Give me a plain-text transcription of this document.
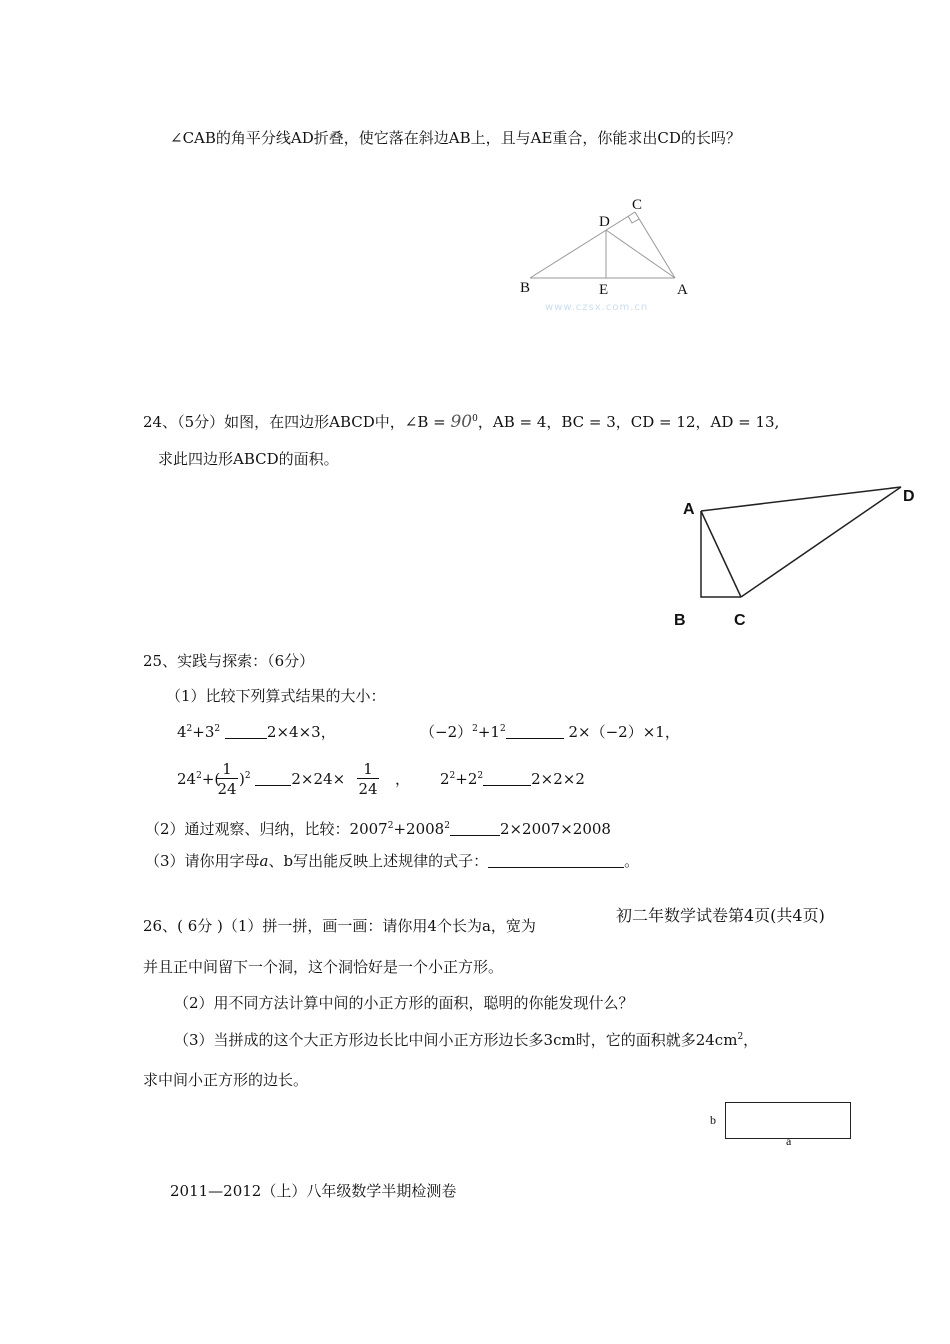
∠CAB的角平分线AD折叠，使它落在斜边AB上，且与AE重合，你能求出CD的长吗？
C
D
B	E	A
www.czsx.com.cn
24、（5分）如图，在四边形ABCD中，∠B = $90^0$，AB = 4，BC = 3，CD = 12，AD = 13,
求此四边形ABCD的面积。
A
D
B	C
25、实践与探索：（6分）
（1）比较下列算式结果的大小：
$4^2+3^2$	2×4×3，	$(-2)^2+1^2$	2×（−2）×1，
$24^2+$(
1
24
)$^2$	2×24×
1
24
， $2^2+2^2$	2×2×2
（2）通过观察、归纳，比较：$2007^2+2008^2$	2×2007×2008
（3）请你用字母a、b写出能反映上述规律的式子：	。
26、( 6分 )（1）拼一拼，画一画：请你用4个长为a，宽为
初二年数学试卷第4页(共4页)
并且正中间留下一个洞，这个洞恰好是一个小正方形。
（2）用不同方法计算中间的小正方形的面积，聪明的你能发现什么？
（3）当拼成的这个大正方形边长比中间小正方形边长多3cm时，它的面积就多$24cm^2$，
求中间小正方形的边长。
b
a
2011—2012（上）八年级数学半期检测卷
